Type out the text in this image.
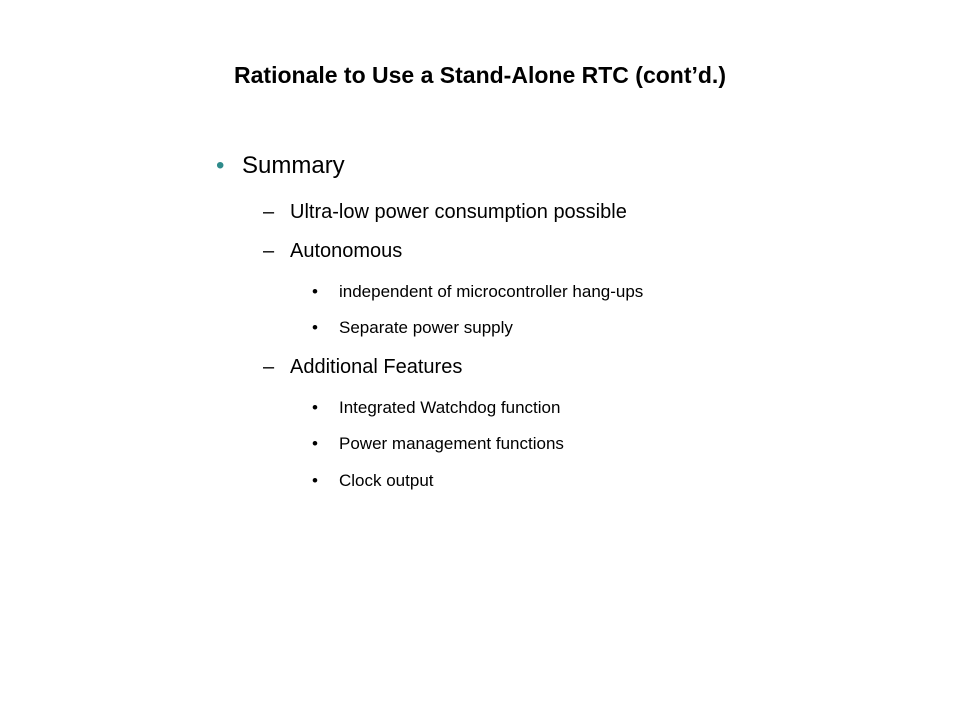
Rationale to Use a Stand-Alone RTC (cont’d.)
• Summary
– Ultra-low power consumption possible
– Autonomous
• independent of microcontroller hang-ups
• Separate power supply
– Additional Features
• Integrated Watchdog function
• Power management functions
• Clock output
